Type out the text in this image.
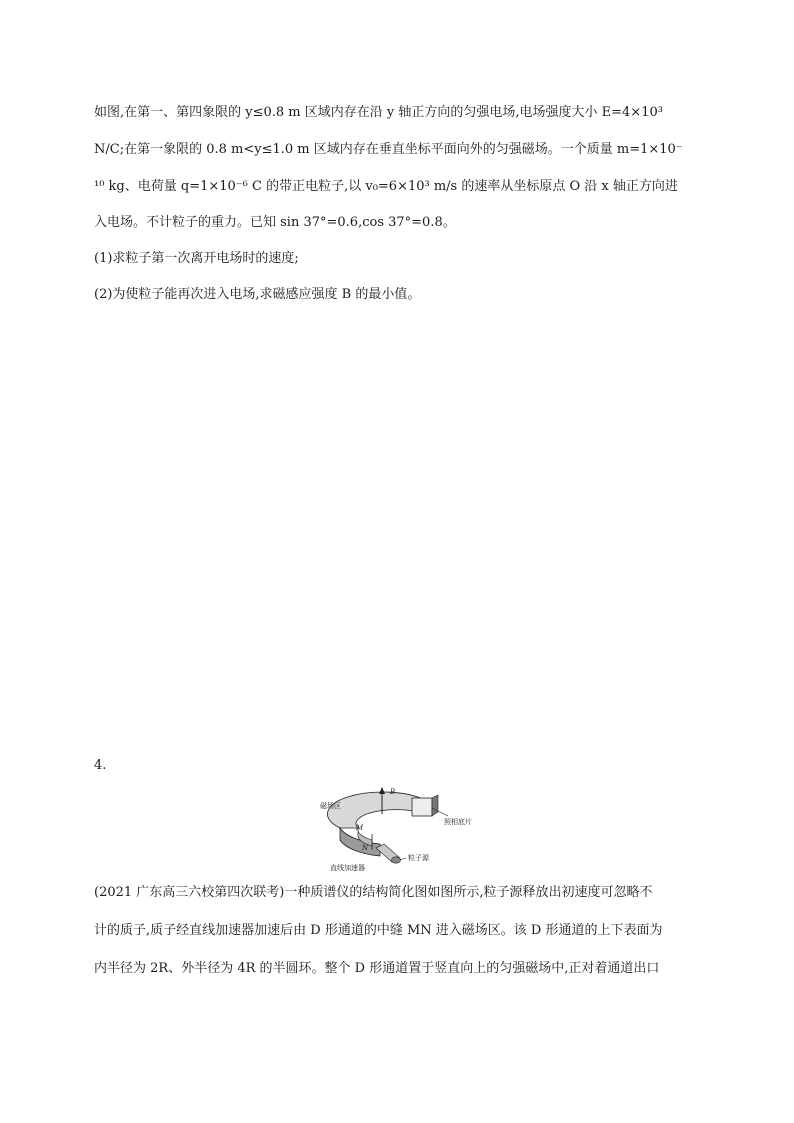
如图,在第一、第四象限的 y≤0.8 m 区域内存在沿 y 轴正方向的匀强电场,电场强度大小 E=4×10³
N/C;在第一象限的 0.8 m<y≤1.0 m 区域内存在垂直坐标平面向外的匀强磁场。一个质量 m=1×10⁻
¹⁰ kg、电荷量 q=1×10⁻⁶ C 的带正电粒子,以 v₀=6×10³ m/s 的速率从坐标原点 O 沿 x 轴正方向进
入电场。不计粒子的重力。已知 sin 37°=0.6,cos 37°=0.8。
(1)求粒子第一次离开电场时的速度;
(2)为使粒子能再次进入电场,求磁感应强度 B 的最小值。
4.
B
磁场区
照相底片
M
N
粒子源
直线加速器
(2021 广东高三六校第四次联考)一种质谱仪的结构简化图如图所示,粒子源释放出初速度可忽略不
计的质子,质子经直线加速器加速后由 D 形通道的中缝 MN 进入磁场区。该 D 形通道的上下表面为
内半径为 2R、外半径为 4R 的半圆环。整个 D 形通道置于竖直向上的匀强磁场中,正对着通道出口
